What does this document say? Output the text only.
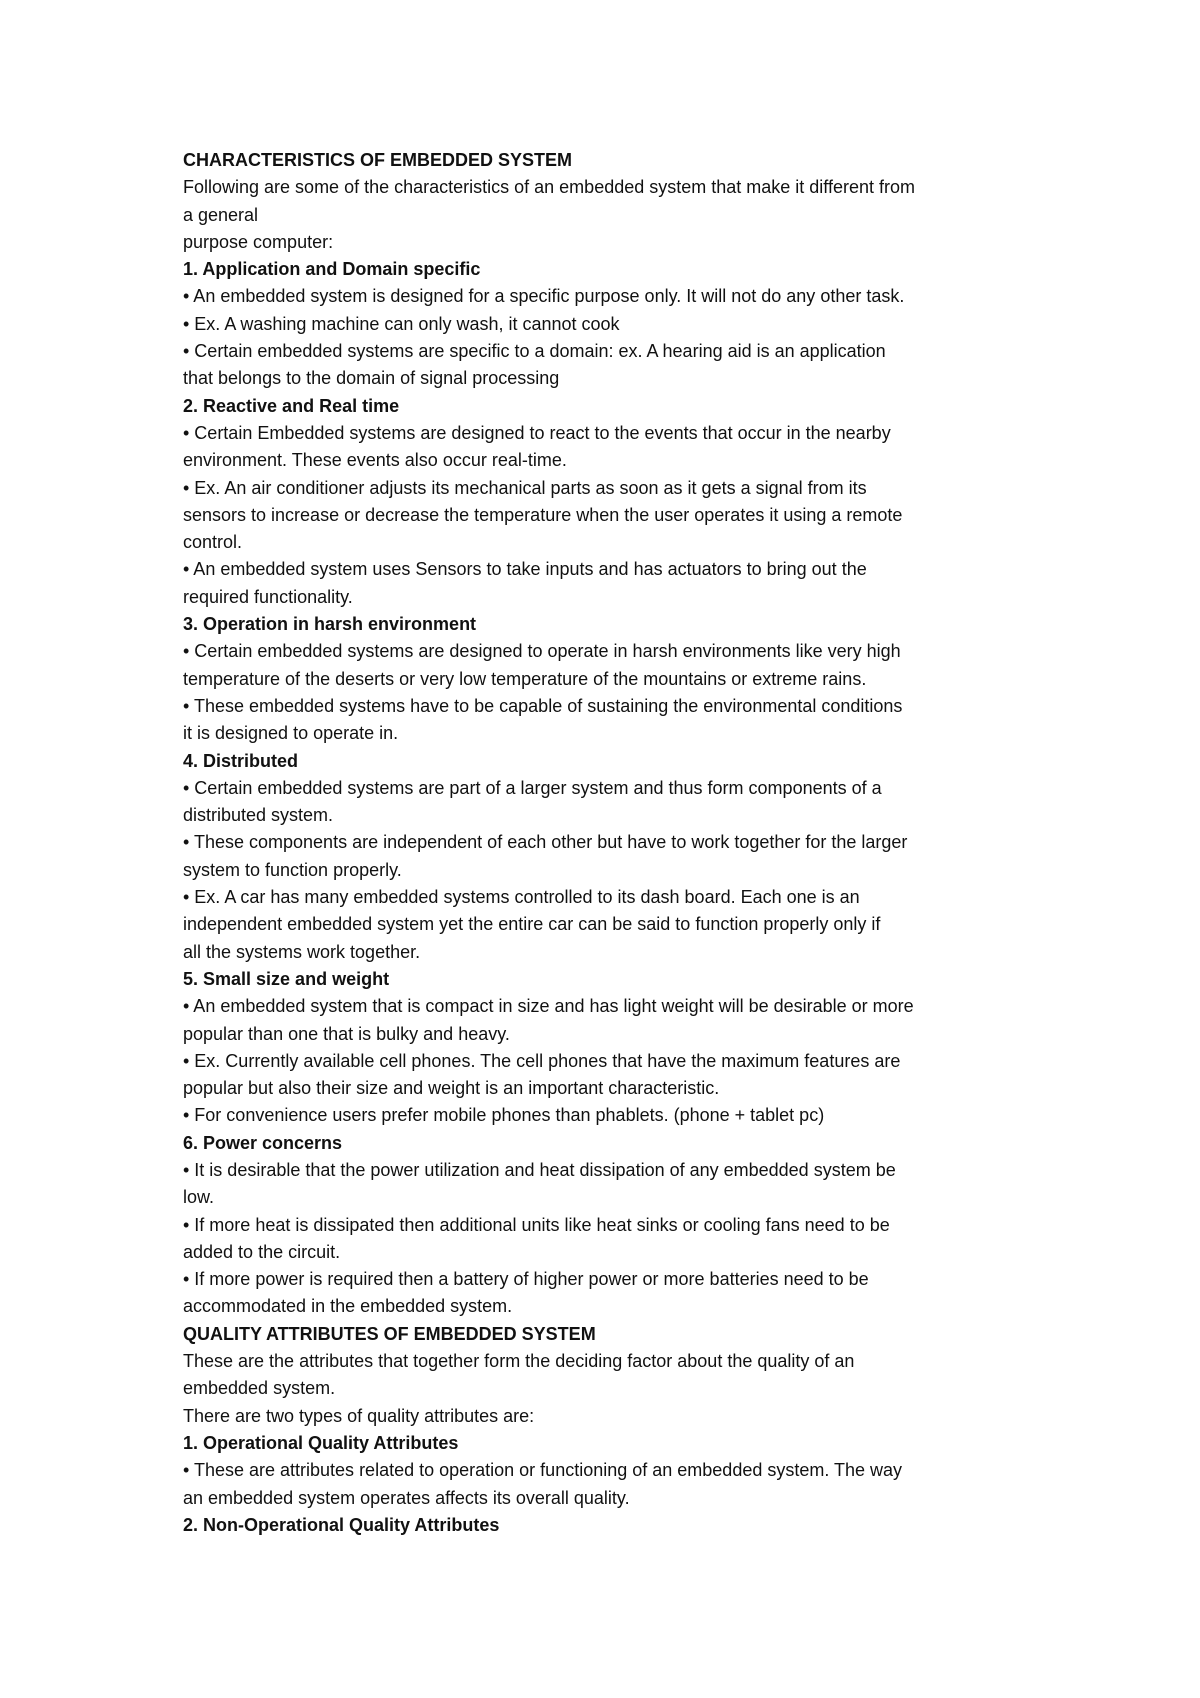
CHARACTERISTICS OF EMBEDDED SYSTEM
Following are some of the characteristics of an embedded system that make it different from
a general
purpose computer:
1. Application and Domain specific
• An embedded system is designed for a specific purpose only. It will not do any other task.
• Ex. A washing machine can only wash, it cannot cook
• Certain embedded systems are specific to a domain: ex. A hearing aid is an application
that belongs to the domain of signal processing
2. Reactive and Real time
• Certain Embedded systems are designed to react to the events that occur in the nearby
environment. These events also occur real-time.
• Ex. An air conditioner adjusts its mechanical parts as soon as it gets a signal from its
sensors to increase or decrease the temperature when the user operates it using a remote
control.
• An embedded system uses Sensors to take inputs and has actuators to bring out the
required functionality.
3. Operation in harsh environment
• Certain embedded systems are designed to operate in harsh environments like very high
temperature of the deserts or very low temperature of the mountains or extreme rains.
• These embedded systems have to be capable of sustaining the environmental conditions
it is designed to operate in.
4. Distributed
• Certain embedded systems are part of a larger system and thus form components of a
distributed system.
• These components are independent of each other but have to work together for the larger
system to function properly.
• Ex. A car has many embedded systems controlled to its dash board. Each one is an
independent embedded system yet the entire car can be said to function properly only if
all the systems work together.
5. Small size and weight
• An embedded system that is compact in size and has light weight will be desirable or more
popular than one that is bulky and heavy.
• Ex. Currently available cell phones. The cell phones that have the maximum features are
popular but also their size and weight is an important characteristic.
• For convenience users prefer mobile phones than phablets. (phone + tablet pc)
6. Power concerns
• It is desirable that the power utilization and heat dissipation of any embedded system be
low.
• If more heat is dissipated then additional units like heat sinks or cooling fans need to be
added to the circuit.
• If more power is required then a battery of higher power or more batteries need to be
accommodated in the embedded system.
QUALITY ATTRIBUTES OF EMBEDDED SYSTEM
These are the attributes that together form the deciding factor about the quality of an
embedded system.
There are two types of quality attributes are:
1. Operational Quality Attributes
• These are attributes related to operation or functioning of an embedded system. The way
an embedded system operates affects its overall quality.
2. Non-Operational Quality Attributes
